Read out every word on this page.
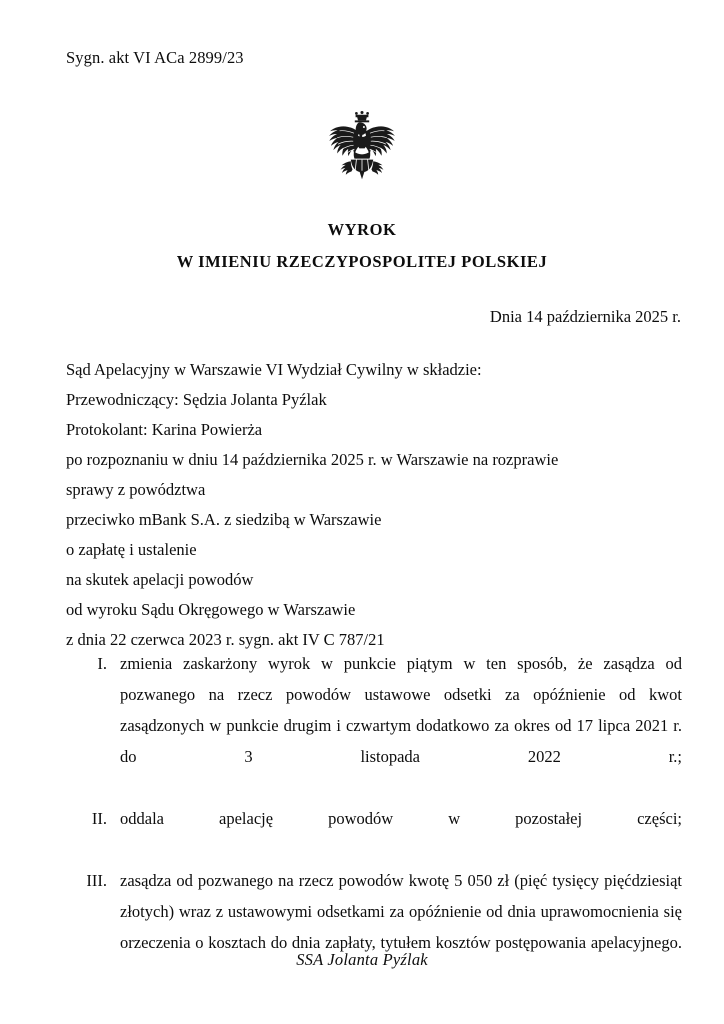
Sygn. akt VI ACa 2899/23
WYROK
W IMIENIU RZECZYPOSPOLITEJ POLSKIEJ
Dnia 14 października 2025 r.
Sąd Apelacyjny w Warszawie VI Wydział Cywilny w składzie:
Przewodniczący: Sędzia Jolanta Pyźlak
Protokolant: Karina Powierża
po rozpoznaniu w dniu 14 października 2025 r. w Warszawie na rozprawie
sprawy z powództwa
przeciwko mBank S.A. z siedzibą w Warszawie
o zapłatę i ustalenie
na skutek apelacji powodów
od wyroku Sądu Okręgowego w Warszawie
z dnia 22 czerwca 2023 r. sygn. akt IV C 787/21
I. zmienia zaskarżony wyrok w punkcie piątym w ten sposób, że zasądza od pozwanego na rzecz powodów ustawowe odsetki za opóźnienie od kwot zasądzonych w punkcie drugim i czwartym dodatkowo za okres od 17 lipca 2021 r. do 3 listopada 2022 r.;
II. oddala apelację powodów w pozostałej części;
III. zasądza od pozwanego na rzecz powodów kwotę 5 050 zł (pięć tysięcy pięćdziesiąt złotych) wraz z ustawowymi odsetkami za opóźnienie od dnia uprawomocnienia się orzeczenia o kosztach do dnia zapłaty, tytułem kosztów postępowania apelacyjnego.
SSA Jolanta Pyźlak
